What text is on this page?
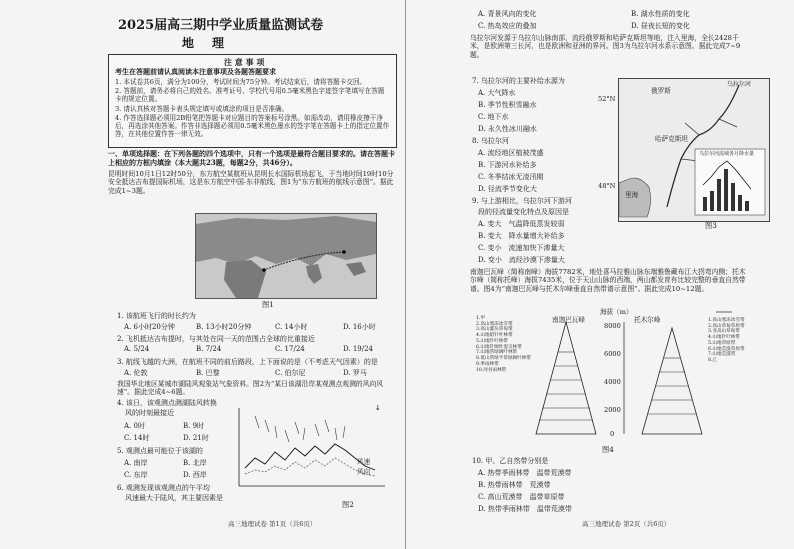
2025届高三期中学业质量监测试卷
地　理
注 意 事 项
考生在答题前请认真阅读本注意事项及各题答题要求
1. 本试卷共6页，满分为100分，考试时间为75分钟。考试结束后，请将答题卡交回。
2. 答题前，请务必将自己的姓名、准考证号、学校代号用0.5毫米黑色字迹签字笔填写在答题卡的规定位置。
3. 请认真核对答题卡表头规定填写或填涂的项目是否准确。
4. 作答选择题必须用2B铅笔把答题卡对应题目的答案标号涂黑。如需改动，请用橡皮擦干净后，再选涂其他答案。作答非选择题必须用0.5毫米黑色墨水的签字笔在答题卡上的指定位置作答，在其他位置作答一律无效。
一、单项选择题：在下列各题的四个选项中，只有一个选项是最符合题目要求的。请在答题卡上相应的方框内填涂（本大题共23题，每题2分，共46分）。
昆明时间10月1日12时50分，东方航空某航班从昆明长水国际机场起飞，于当地时间19时10分安全抵达吉布提国际机场，这是东方航空中国-东非航线，图1为“东方航班的航线示意图”。据此完成1~3题。
图1
1. 该航班飞行的时长约为
A. 6小时20分钟	B. 13小时20分钟	C. 14小时	D. 16小时
2. 飞机抵达吉布提时，与其处在同一天的范围占全球的比重接近
A. 5/24	B. 7/24	C. 17/24	D. 19/24
3. 航线飞越的大洲，在航班不同的前后路段，上下面说的是（不考虑天气因素）的是
A. 伦敦	B. 巴黎	C. 伯尔尼	D. 罗马
我国华北地区某城市湖陆风观象站气象资料。图2为“某日该湖沿岸某观测点观测的风向风速”。据此完成4~6题。
4. 该日，该观测点测湖陆风转换
风的时刻最接近
A. 0时	B. 9时
C. 14时	D. 21时
5. 观测点最可能位于该湖的
A. 南岸	B. 北岸
C. 东岸	D. 西岸
6. 观测发现该观测点的午平均
风速最大于陆风，其主要因素是
↓
风速
风向
图2
高三地理试卷 第1页（共6页）
A. 背景风向的变化	B. 湖水性质的变化
C. 热岛效应的叠加	D. 昼夜长短的变化
乌拉尔河发源于乌拉尔山脉南部，流经俄罗斯和哈萨克斯坦等地，注入里海，全长2428千米，是欧洲第三长河，也是欧洲和亚洲的界河。图3为乌拉尔河水系示意图。据此完成7~9题。
7. 乌拉尔河的主要补给水源为
A. 大气降水
B. 季节性积雪融水
C. 地下水
D. 永久性冰川融水
8. 乌拉尔河
A. 流经地区植被茂盛
B. 下游河水补给多
C. 冬季结冰无凌汛期
D. 径流季节变化大
9. 与上游相比，乌拉尔河下游河
段的径流量变化特点及原因是
A. 变大　气温降低蒸发较弱
B. 变大　降水量增大补给多
C. 变小　流速加快下渗量大
D. 变小　流经沙漠下渗量大
俄罗斯
乌拉尔河
哈萨克斯坦
里海
乌拉尔河流域各月降水量
52°N
48°N
图3
南迦巴瓦峰（简称南峰）海拔7782米，地处喜马拉雅山脉东端雅鲁藏布江大拐弯内侧；托木尔峰（简称托峰）海拔7435米，位于天山山脉的西端，两山都发育有比较完整的垂直自然带谱。图4为“南迦巴瓦峰与托木尔峰垂直自然带谱示意图”。据此完成10~12题。
南迦巴瓦峰	托木尔峰
海拔（m）
8000
6000
4000
2000
0
1.甲
2.高山寒冻冰雪带
3.高山灌丛草甸带
4.山地暗针叶林带
5.山地针叶林带
6.山地针阔叶混交林带
7.山地常绿阔叶林带
8.低山常绿半常绿阔叶林带
9.季雨林带
10.河谷雨林带
1.高山寒冻冰雪带
2.高山草甸草原带
3.亚高山草甸带
4.山地针叶林带
5.山地草原带
6.山地荒漠草原带
7.山地荒漠带
8.乙
图4
10. 甲、乙自然带分别是
A. 热带季雨林带　温带荒漠带
B. 热带雨林带　荒漠带
C. 高山荒漠带　温带草原带
D. 热带季雨林带　温带荒漠带
高三地理试卷 第2页（共6页）
